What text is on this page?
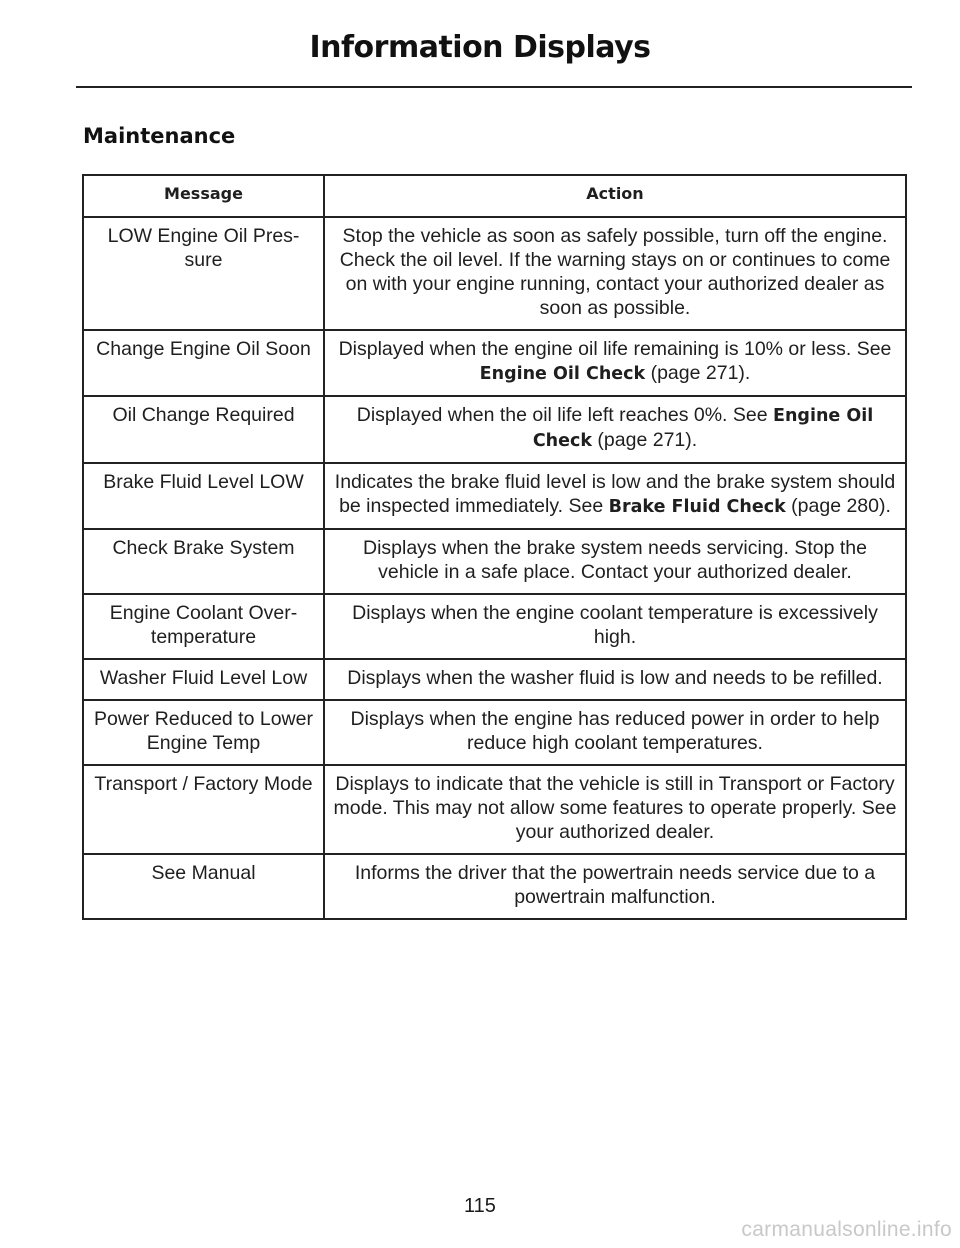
Information Displays
Maintenance
Message	Action
LOW Engine Oil Pres-sure	Stop the vehicle as soon as safely possible, turn off the engine. Check the oil level. If the warning stays on or continues to come on with your engine running, contact your authorized dealer as soon as possible.
Change Engine Oil Soon	Displayed when the engine oil life remaining is 10% or less. See Engine Oil Check (page 271).
Oil Change Required	Displayed when the oil life left reaches 0%. See Engine Oil Check (page 271).
Brake Fluid Level LOW	Indicates the brake fluid level is low and the brake system should be inspected immediately. See Brake Fluid Check (page 280).
Check Brake System	Displays when the brake system needs servicing. Stop the vehicle in a safe place. Contact your authorized dealer.
Engine Coolant Over-temperature	Displays when the engine coolant temperature is excessively high.
Washer Fluid Level Low	Displays when the washer fluid is low and needs to be refilled.
Power Reduced to Lower Engine Temp	Displays when the engine has reduced power in order to help reduce high coolant temperatures.
Transport / Factory Mode	Displays to indicate that the vehicle is still in Transport or Factory mode. This may not allow some features to operate properly. See your authorized dealer.
See Manual	Informs the driver that the powertrain needs service due to a powertrain malfunction.
115
carmanualsonline.info
